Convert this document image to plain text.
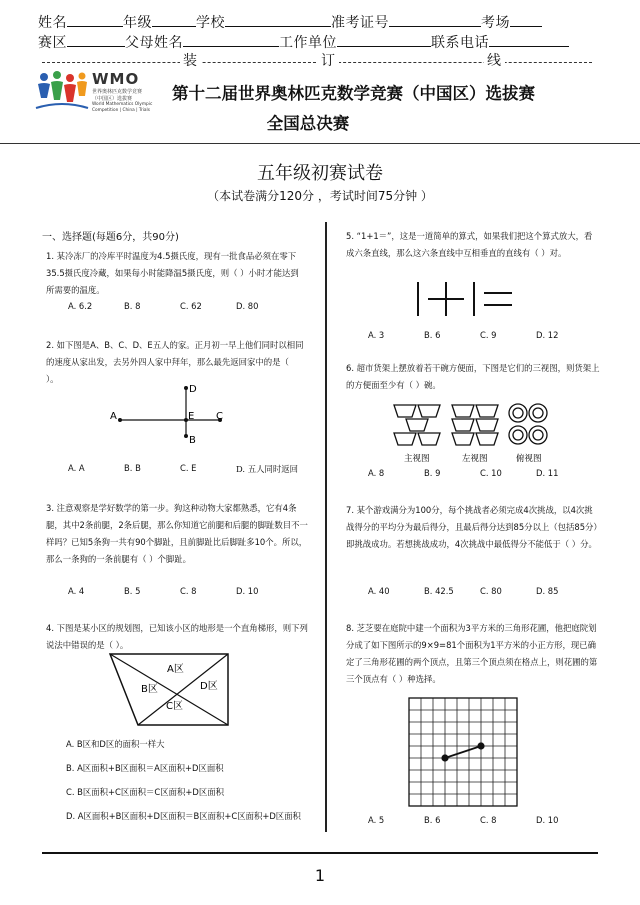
姓名	年级	学校	准考证号	考场
赛区	父母姓名	工作单位	联系电话
装	订	线
WMO
世界奥林匹克数学竞赛
（中国区）选拔赛
World Mathematics Olympic
Competition | China | Trials
第十二届世界奥林匹克数学竞赛（中国区）选拔赛
全国总决赛
五年级初赛试卷
（本试卷满分120分 ，考试时间75分钟 ）
一、选择题(每题6分，共90分)
1. 某冷冻厂的冷库平时温度为4.5摄氏度，现有一批食品必须在零下35.5摄氏度冷藏，如果每小时能降温5摄氏度，则（ ）小时才能达到所需要的温度。
A. 6.2	B. 8	C. 62	D. 80
2. 如下图是A、B、C、D、E五人的家。正月初一早上他们同时以相同的速度从家出发，去另外四人家中拜年，那么最先返回家中的是（ ）。
A
D
E C
B
A. A	B. B	C. E	D. 五人同时返回
3. 注意观察是学好数学的第一步。狗这种动物大家都熟悉，它有4条腿，其中2条前腿，2条后腿，那么你知道它前腿和后腿的脚趾数目不一样吗？已知5条狗一共有90个脚趾，且前脚趾比后脚趾多10个。所以，那么一条狗的一条前腿有（ ）个脚趾。
A. 4	B. 5	C. 8	D. 10
4. 下图是某小区的规划图，已知该小区的地形是一个直角梯形，则下列说法中错误的是（ ）。
A区
B区	D区
C区
A. B区和D区的面积一样大
B. A区面积+B区面积＝A区面积+D区面积
C. B区面积+C区面积＝C区面积+D区面积
D. A区面积+B区面积+D区面积＝B区面积+C区面积+D区面积
5. “1+1＝”，这是一道简单的算式，如果我们把这个算式放大，看成六条直线，那么这六条直线中互相垂直的直线有（ ）对。
A. 3	B. 6	C. 9	D. 12
6. 超市货架上摆放着若干碗方便面，下图是它们的三视图，则货架上的方便面至少有（ ）碗。
主视图	左视图	俯视图
A. 8	B. 9	C. 10	D. 11
7. 某个游戏满分为100分，每个挑战者必须完成4次挑战，以4次挑战得分的平均分为最后得分，且最后得分达到85分以上（包括85分）即挑战成功。若想挑战成功，4次挑战中最低得分不能低于（ ）分。
A. 40	B. 42.5	C. 80	D. 85
8. 芝芝要在庭院中建一个面积为3平方米的三角形花圃，他把庭院划分成了如下图所示的9×9=81个面积为1平方米的小正方形，现已确定了三角形花圃的两个顶点，且第三个顶点须在格点上，则花圃的第三个顶点有（ ）种选择。
A. 5	B. 6	C. 8	D. 10
1
